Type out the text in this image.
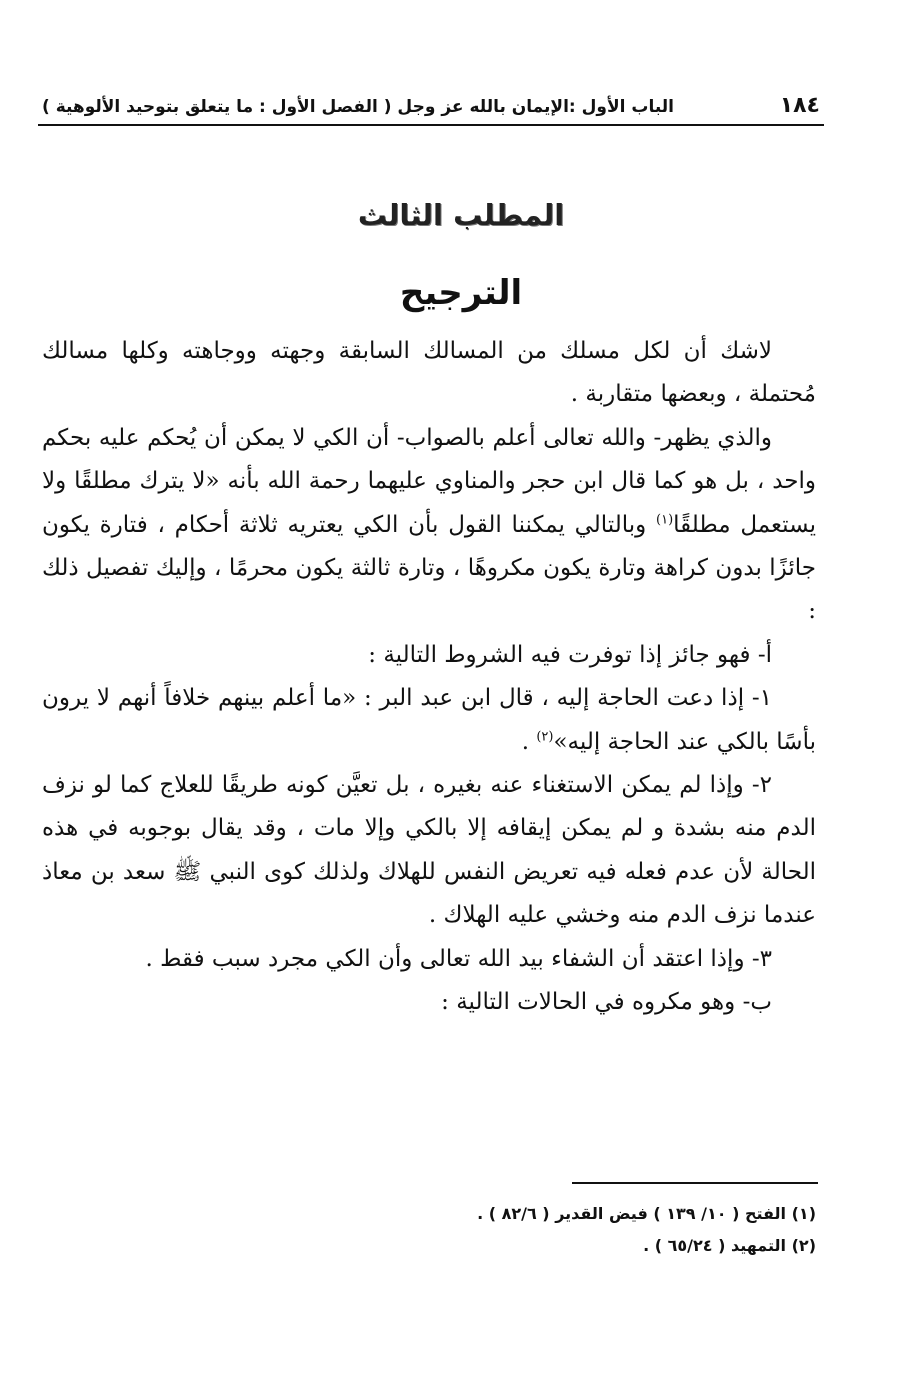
١٨٤
الباب الأول :الإيمان بالله عز وجل ( الفصل الأول : ما يتعلق بتوحيد الألوهية )
المطلب الثالث
الترجيح

لاشك أن لكل مسلك من المسالك السابقة وجهته ووجاهته وكلها مسالك مُحتملة ، وبعضها متقاربة .

والذي يظهر- والله تعالى أعلم بالصواب- أن الكي لا يمكن أن يُحكم عليه بحكم واحد ، بل هو كما قال ابن حجر والمناوي عليهما رحمة الله بأنه «لا يترك مطلقًا ولا يستعمل مطلقًا$^{(١)}$ وبالتالي يمكننا القول بأن الكي يعتريه ثلاثة أحكام ، فتارة يكون جائزًا بدون كراهة وتارة يكون مكروهًا ، وتارة ثالثة يكون محرمًا ، وإليك تفصيل ذلك :

أ- فهو جائز إذا توفرت فيه الشروط التالية :

١- إذا دعت الحاجة إليه ، قال ابن عبد البر : «ما أعلم بينهم خلافاً أنهم لا يرون بأسًا بالكي عند الحاجة إليه»$^{(٢)}$ .

٢- وإذا لم يمكن الاستغناء عنه بغيره ، بل تعيَّن كونه طريقًا للعلاج كما لو نزف الدم منه بشدة و لم يمكن إيقافه إلا بالكي وإلا مات ، وقد يقال بوجوبه في هذه الحالة لأن عدم فعله فيه تعريض النفس للهلاك ولذلك كوى النبي ﷺ سعد بن معاذ عندما نزف الدم منه وخشي عليه الهلاك .

٣- وإذا اعتقد أن الشفاء بيد الله تعالى وأن الكي مجرد سبب فقط .

ب- وهو مكروه في الحالات التالية :

(١) الفتح ( ١٠/ ١٣٩ ) فيض القدير ( ٨٢/٦ ) .

(٢) التمهيد ( ٦٥/٢٤ ) .
